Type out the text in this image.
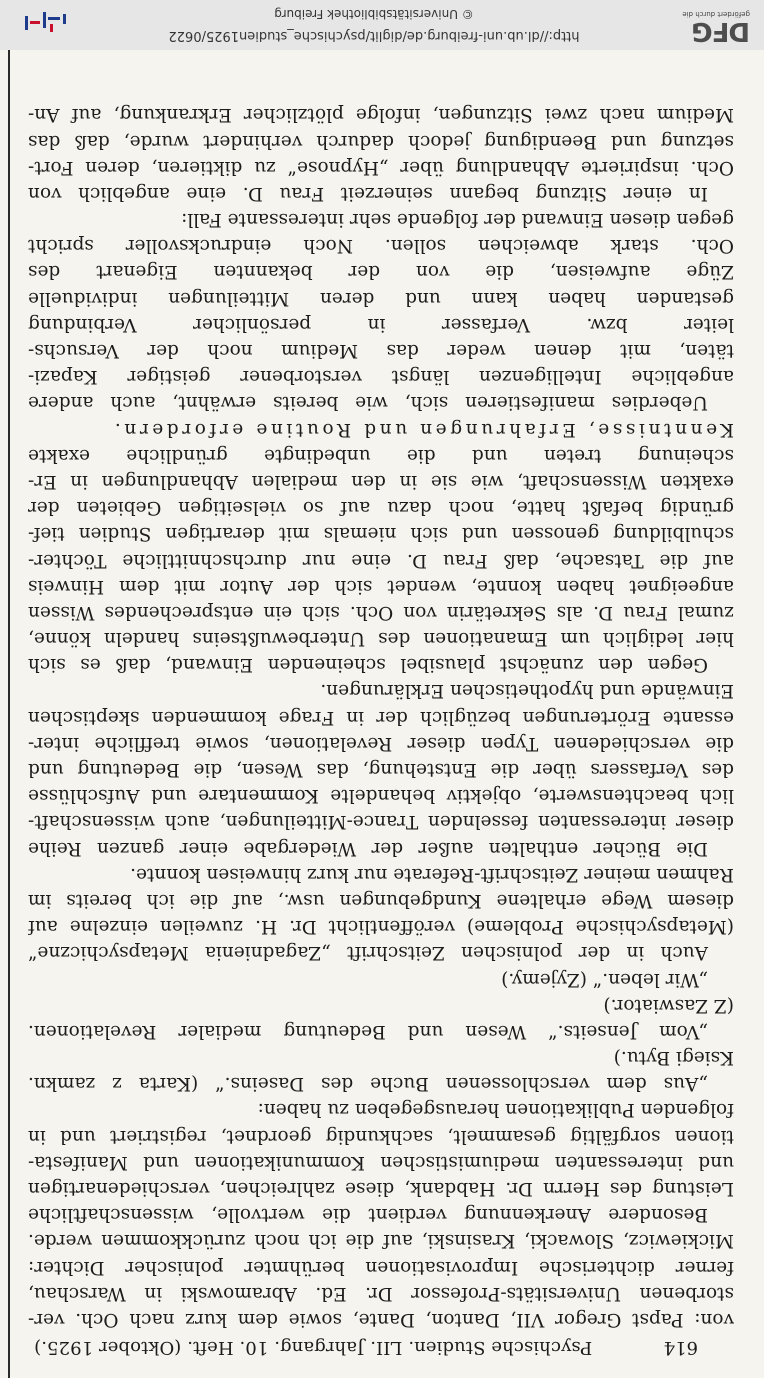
614
Psychische Studien. LII. Jahrgang. 10. Heft. (Oktober 1925.)
von: Papst Gregor VII, Danton, Dante, sowie dem kurz nach Och. ver-
storbenen Universitäts-Professor Dr. Ed. Abramowski in Warschau,
ferner dichterische Improvisationen berühmter polnischer Dichter:
Mickiewicz, Slowacki, Krasinski, auf die ich noch zurückkommen werde.
Besondere Anerkennung verdient die wertvolle, wissenschaftliche
Leistung des Herrn Dr. Habdank, diese zahlreichen, verschiedenartigen
und interessanten mediumistischen Kommunikationen und Manifesta-
tionen sorgfältig gesammelt, sachkundig geordnet, registriert und in
folgenden Publikationen herausgegeben zu haben:
„Aus dem verschlossenen Buche des Daseins.“ (Karta z zamkn.
Ksiegi Bytu.)
„Vom Jenseits.“ Wesen und Bedeutung medialer Revelationen.
(Z Zaswiator.)
„Wir leben.“ (Zyjemy.)
Auch in der polnischen Zeitschrift „Zagadnienia Metapsychiczne“
(Metapsychische Probleme) veröffentlicht Dr. H. zuweilen einzelne auf
diesem Wege erhaltene Kundgebungen usw., auf die ich bereits im
Rahmen meiner Zeitschrift-Referate nur kurz hinweisen konnte.
Die Bücher enthalten außer der Wiedergabe einer ganzen Reihe
dieser interessanten fesselnden Trance-Mitteilungen, auch wissenschaft-
lich beachtenswerte, objektiv behandelte Kommentare und Aufschlüsse
des Verfassers über die Entstehung, das Wesen, die Bedeutung und
die verschiedenen Typen dieser Revelationen, sowie treffliche inter-
essante Erörterungen bezüglich der in Frage kommenden skeptischen
Einwände und hypothetischen Erklärungen.
Gegen den zunächst plausibel scheinenden Einwand, daß es sich
hier lediglich um Emanationen des Unterbewußtseins handeln könne,
zumal Frau D. als Sekretärin von Och. sich ein entsprechendes Wissen
angeeignet haben konnte, wendet sich der Autor mit dem Hinweis
auf die Tatsache, daß Frau D. eine nur durchschnittliche Töchter-
schulbildung genossen und sich niemals mit derartigen Studien tief-
gründig befaßt hatte, noch dazu auf so vielseitigen Gebieten der
exakten Wissenschaft, wie sie in den medialen Abhandlungen in Er-
scheinung treten und die unbedingte gründliche exakte
Kenntnisse, Erfahrungen und Routine erfordern.
Ueberdies manifestieren sich, wie bereits erwähnt, auch andere
angebliche Intelligenzen längst verstorbener geistiger Kapazi-
täten, mit denen weder das Medium noch der Versuchs-
leiter bzw. Verfasser in persönlicher Verbindung
gestanden haben kann und deren Mitteilungen individuelle
Züge aufweisen, die von der bekannten Eigenart des
Och. stark abweichen sollen. Noch eindrucksvoller spricht
gegen diesen Einwand der folgende sehr interessante Fall:
In einer Sitzung begann seinerzeit Frau D. eine angeblich von
Och. inspirierte Abhandlung über „Hypnose“ zu diktieren, deren Fort-
setzung und Beendigung jedoch dadurch verhindert wurde, daß das
Medium nach zwei Sitzungen, infolge plötzlicher Erkrankung, auf An-
DFG
gefördert durch die
http://dl.ub.uni-freiburg.de/diglit/psychische_studien1925/0622
© Universitätsbibliothek Freiburg
